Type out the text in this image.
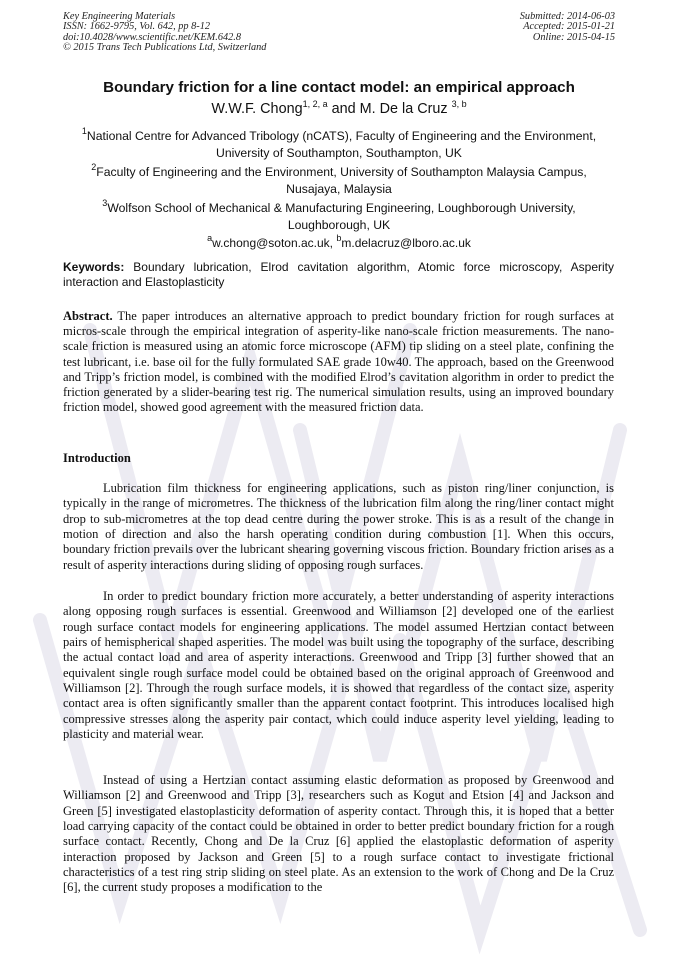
Key Engineering Materials
ISSN: 1662-9795, Vol. 642, pp 8-12
doi:10.4028/www.scientific.net/KEM.642.8
© 2015 Trans Tech Publications Ltd, Switzerland
Submitted: 2014-06-03
Accepted: 2015-01-21
Online: 2015-04-15
Boundary friction for a line contact model: an empirical approach
W.W.F. Chong$^{1, 2, a}$ and M. De la Cruz $^{3, b}$
$^1$National Centre for Advanced Tribology (nCATS), Faculty of Engineering and the Environment, University of Southampton, Southampton, UK
$^2$Faculty of Engineering and the Environment, University of Southampton Malaysia Campus, Nusajaya, Malaysia
$^3$Wolfson School of Mechanical & Manufacturing Engineering, Loughborough University, Loughborough, UK
$^a$w.chong@soton.ac.uk, $^b$m.delacruz@lboro.ac.uk
Keywords: Boundary lubrication, Elrod cavitation algorithm, Atomic force microscopy, Asperity interaction and Elastoplasticity

Abstract. The paper introduces an alternative approach to predict boundary friction for rough surfaces at micros-scale through the empirical integration of asperity-like nano-scale friction measurements. The nano-scale friction is measured using an atomic force microscope (AFM) tip sliding on a steel plate, confining the test lubricant, i.e. base oil for the fully formulated SAE grade 10w40. The approach, based on the Greenwood and Tripp’s friction model, is combined with the modified Elrod’s cavitation algorithm in order to predict the friction generated by a slider-bearing test rig. The numerical simulation results, using an improved boundary friction model, showed good agreement with the measured friction data.

Introduction

Lubrication film thickness for engineering applications, such as piston ring/liner conjunction, is typically in the range of micrometres. The thickness of the lubrication film along the ring/liner contact might drop to sub-micrometres at the top dead centre during the power stroke. This is as a result of the change in motion of direction and also the harsh operating condition during combustion [1]. When this occurs, boundary friction prevails over the lubricant shearing governing viscous friction. Boundary friction arises as a result of asperity interactions during sliding of opposing rough surfaces.

In order to predict boundary friction more accurately, a better understanding of asperity interactions along opposing rough surfaces is essential. Greenwood and Williamson [2] developed one of the earliest rough surface contact models for engineering applications. The model assumed Hertzian contact between pairs of hemispherical shaped asperities. The model was built using the topography of the surface, describing the actual contact load and area of asperity interactions. Greenwood and Tripp [3] further showed that an equivalent single rough surface model could be obtained based on the original approach of Greenwood and Williamson [2]. Through the rough surface models, it is showed that regardless of the contact size, asperity contact area is often significantly smaller than the apparent contact footprint. This introduces localised high compressive stresses along the asperity pair contact, which could induce asperity level yielding, leading to plasticity and material wear.

Instead of using a Hertzian contact assuming elastic deformation as proposed by Greenwood and Williamson [2] and Greenwood and Tripp [3], researchers such as Kogut and Etsion [4] and Jackson and Green [5] investigated elastoplasticity deformation of asperity contact. Through this, it is hoped that a better load carrying capacity of the contact could be obtained in order to better predict boundary friction for a rough surface contact. Recently, Chong and De la Cruz [6] applied the elastoplastic deformation of asperity interaction proposed by Jackson and Green [5] to a rough surface contact to investigate frictional characteristics of a test ring strip sliding on steel plate. As an extension to the work of Chong and De la Cruz [6], the current study proposes a modification to the
